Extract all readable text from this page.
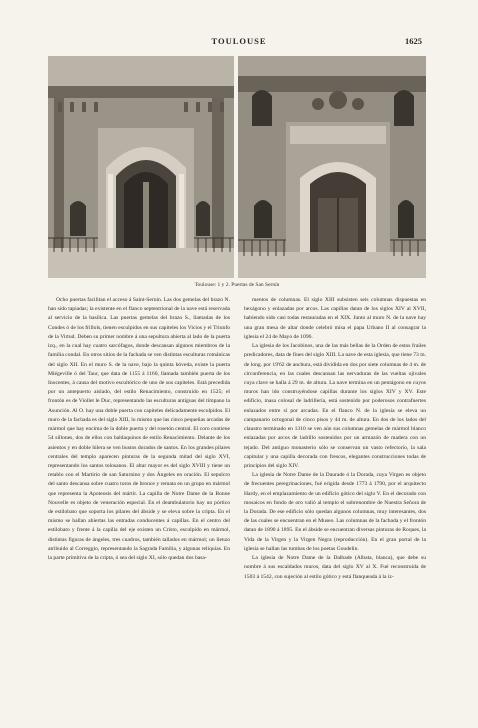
TOULOUSE	1625
Toulouse: 1 y 2. Puertas de San Sernín

Ocho puertas facilitan el acceso á Saint-Sernin. Las dos gemelas del brazo N. han sido tapiadas; la existente en el flanco septentrional de la nave está reservada al servicio de la basílica. Las puertas gemelas del brazo S., llamadas de los Condes ó de los frillols, tienen esculpidos en sus capiteles los Vicios y el Triunfo de la Virtud. Deben su primer nombre á una sepultura abierta al lado de la puerta izq., en la cual hay cuatro sarcófagos, donde descansan algunos miembros de la familia condal. En otros sitios de la fachada se ven distintas esculturas románicas del siglo XII. En el muro S. de la nave, bajo la quinta bóveda, existe la puerta Miégeville ó del Taur, que data de 1155 á 1160, llamada también puerta de los Inocentes, á causa del motivo escultórico de uno de sus capiteles. Está precedida por un antepuerto aislado, del estilo Renacimiento, construido en 1525; el frontón es de Viollet le Duc, representando las esculturas antiguas del tímpano la Asunción. Al O. hay una doble puerta con capiteles delicadamente esculpidos. El muro de la fachada es del siglo XIII, lo mismo que las cinco pequeñas arcadas de mármol que hay encima de la doble puerta y del rosetón central. El coro contiene 54 sillones, dos de ellos con baldaquinos de estilo Renacimiento. Delante de los asientos y en doble hilera se ven bustos dorados de santos. En los grandes pilares centrales del templo aparecen pinturas de la segunda mitad del siglo XVI, representando los santos tolosanos. El altar mayor es del siglo XVIII y tiene un retablo con el Martirio de san Saturnino y dos Ángeles en oración. El sepulcro del santo descansa sobre cuatro toros de bronce y remata en un grupo en mármol que representa la Apoteosis del mártir. La capilla de Notre Dame de la Bonne Nouvelle es objeto de veneración especial. En el deambulatorio hay un pórtico de estilobato que soporta los pilares del ábside y se eleva sobre la cripta. En el mismo se hallan abiertas las entradas conducentes á capillas. En el centro del estilobato y frente á la capilla del eje existen un Cristo, esculpido en mármol, distintas figuras de ángeles, tres cuadros, también tallados en mármol; un lienzo atribuido al Correggio, representando la Sagrada Familia, y algunas reliquias. En la parte primitiva de la cripta, ó sea del siglo XI, sólo quedan dos basa-

mentos de columnas. El siglo XIII subsisten seis columnas dispuestas en hexágono y enlazadas por arcos. Las capillas datan de los siglos XIV al XVII, habiendo sido casi todas restauradas en el XIX. Junto al muro N. de la nave hay una gran mesa de altar donde celebró misa el papa Urbano II al consagrar la iglesia el 24 de Mayo de 1096.

La iglesia de los Jacobinos, una de las más bellas de la Orden de estos frailes predicadores, data de fines del siglo XIII. La nave de esta iglesia, que tiene 73 m. de long. por 19'62 de anchura, está dividida en dos por siete columnas de 4 m. de circunferencia, en las cuales descansan las nervaduras de las vueltas ojivales cuya clave se halla á 29 m. de altura. La nave termina en un pentágono en cuyos muros han ido construyéndose capillas durante los siglos XIV y XV. Este edificio, masa colosal de ladrillería, está sostenido por poderosos contrafuertes enlazados entre sí por arcadas. En el flanco N. de la iglesia se eleva un campanario octogonal de cinco pisos y 44 m. de altura. En dos de los lados del claustro terminado en 1310 se ven aún sus columnas gemelas de mármol blanco enlazadas por arcos de ladrillo sostenidos por un armazón de madera con un tejado. Del antiguo monasterio sólo se conservan un vasto refectorio, la sala capitular y una capilla decorada con frescos, elegantes construcciones todas de principios del siglo XIV.

La iglesia de Notre Dame de la Daurade ó la Dorada, cuya Virgen es objeto de frecuentes peregrinaciones, fué erigida desde 1773 á 1790, por el arquitecto Hardy, en el emplazamiento de un edificio gótico del siglo V. En el decorado con mosaicos en fondo de oro valió al templo el sobrenombre de Nuestra Señora de la Dorada. De ese edificio sólo quedan algunos columnas, muy interesantes, dos de las cuales se encuentran en el Museo. Las columnas de la fachada y el frontón datan de 1890 á 1895. En el ábside se encuentran diversas pinturas de Roques, la Vida de la Virgen y la Virgen Negra (reproducción). En el gran portal de la iglesia se hallan las tumbas de los poetas Goudelin.

La iglesia de Notre Dame de la Dalbade (Albata, blanca), que debe su nombre á sus escaldados muros, data del siglo XV al X. Fué reconstruida de 1503 á 1542, con sujeción al estilo gótico y está flanqueada á la iz-
